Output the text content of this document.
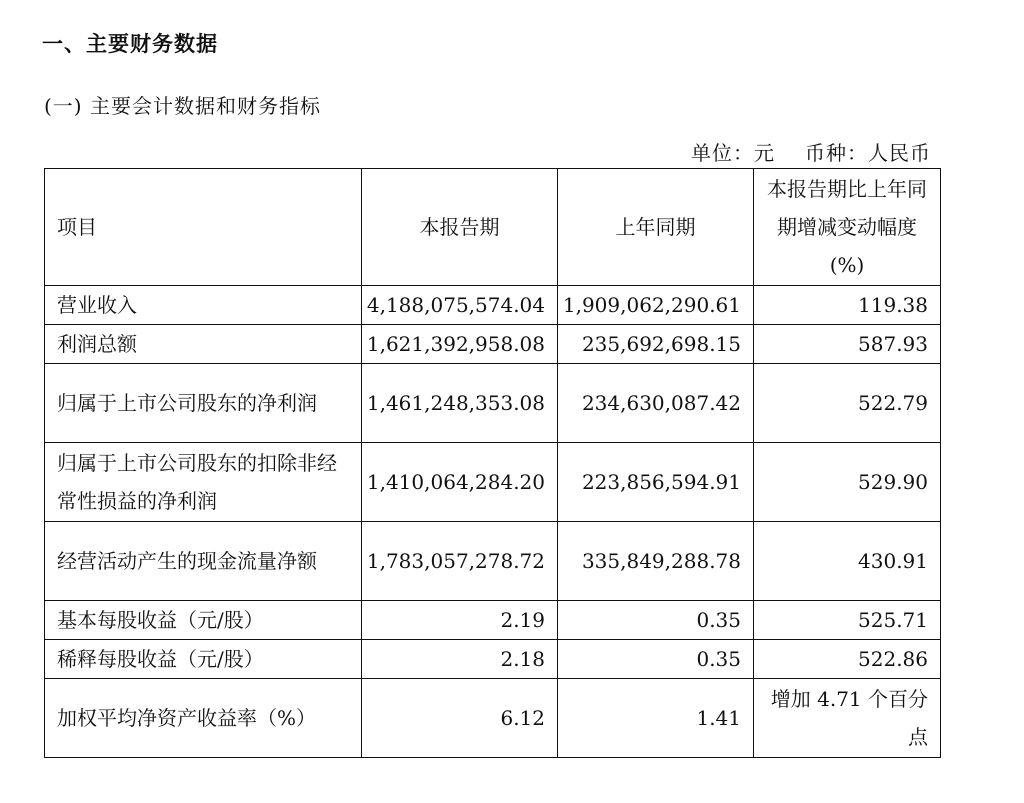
一、主要财务数据
(一) 主要会计数据和财务指标
单位：元 币种：人民币
项目	本报告期	上年同期	本报告期比上年同期增减变动幅度(%)
营业收入	4,188,075,574.04	1,909,062,290.61	119.38
利润总额	1,621,392,958.08	235,692,698.15	587.93
归属于上市公司股东的净利润	1,461,248,353.08	234,630,087.42	522.79
归属于上市公司股东的扣除非经常性损益的净利润	1,410,064,284.20	223,856,594.91	529.90
经营活动产生的现金流量净额	1,783,057,278.72	335,849,288.78	430.91
基本每股收益（元/股）	2.19	0.35	525.71
稀释每股收益（元/股）	2.18	0.35	522.86
加权平均净资产收益率（%）	6.12	1.41	增加 4.71 个百分点
